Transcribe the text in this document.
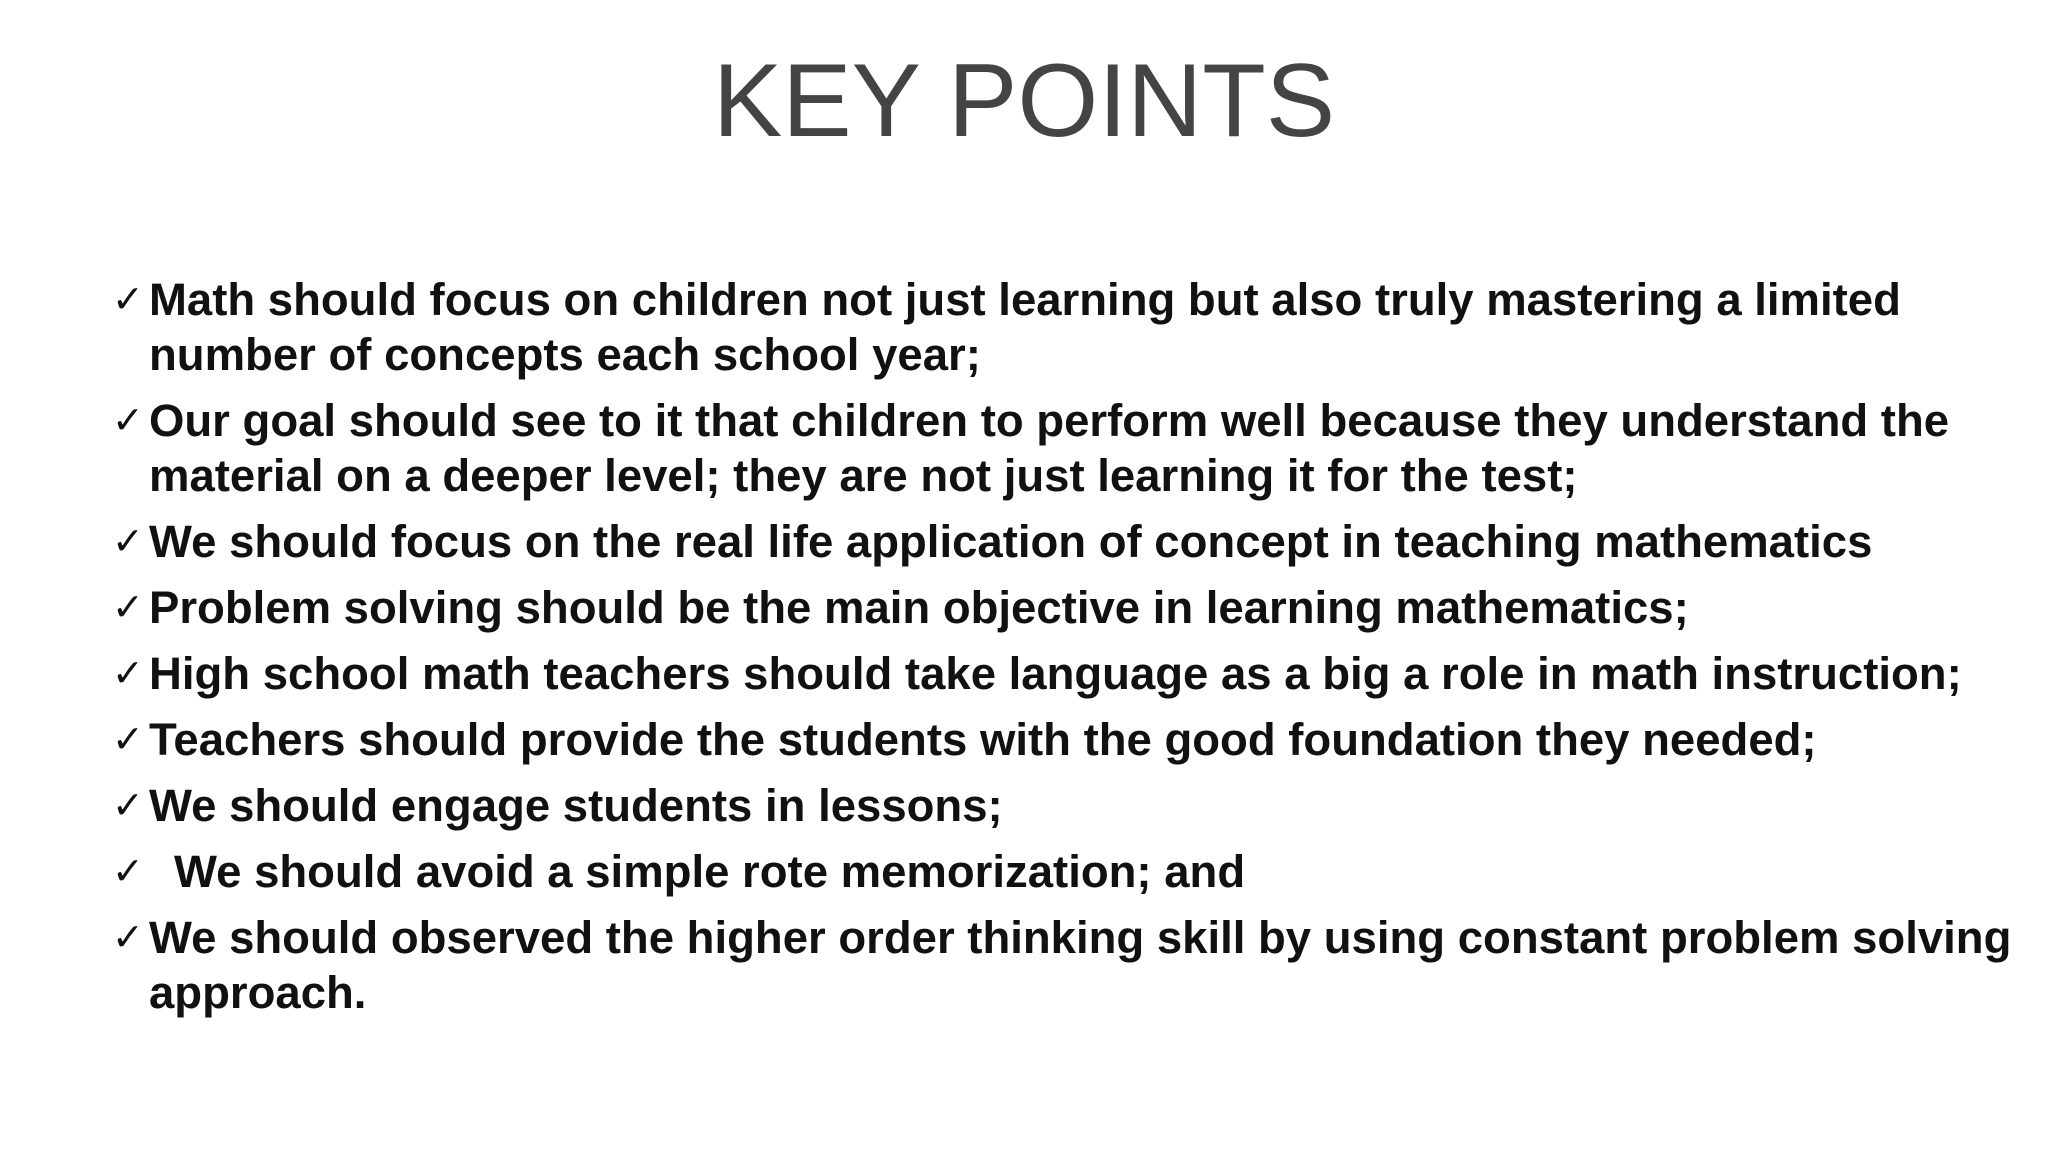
KEY POINTS
✓ Math should focus on children not just learning but also truly mastering a limited number of concepts each school year;
✓ Our goal should see to it that children to perform well because they understand the material on a deeper level; they are not just learning it for the test;
✓ We should focus on the real life application of concept in teaching mathematics
✓ Problem solving should be the main objective in learning mathematics;
✓ High school math teachers should take language as a big a role in math instruction;
✓ Teachers should provide the students with the good foundation they needed;
✓ We should engage students in lessons;
✓ We should avoid a simple rote memorization; and
✓ We should observed the higher order thinking skill by using constant problem solving approach.
